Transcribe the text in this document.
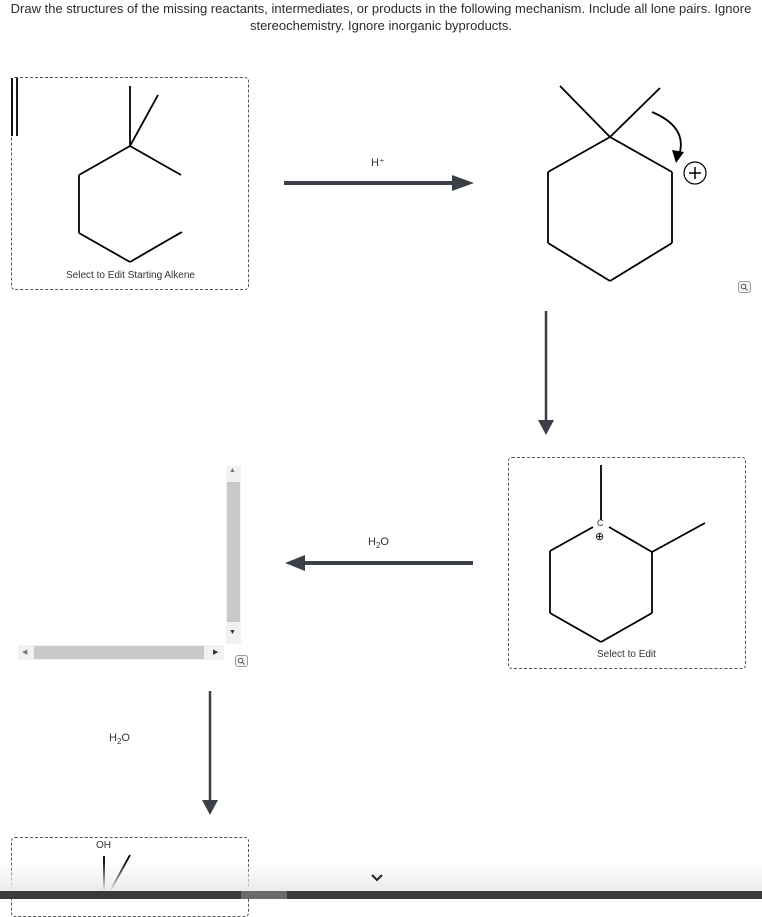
Draw the structures of the missing reactants, intermediates, or products in the following mechanism. Include all lone pairs. Ignore stereochemistry. Ignore inorganic byproducts.
Select to Edit Starting Alkene
H⁺
C
⊕
Select to Edit
$H_2O$
▲
▼
◀	▶
$H_2O$
OH
